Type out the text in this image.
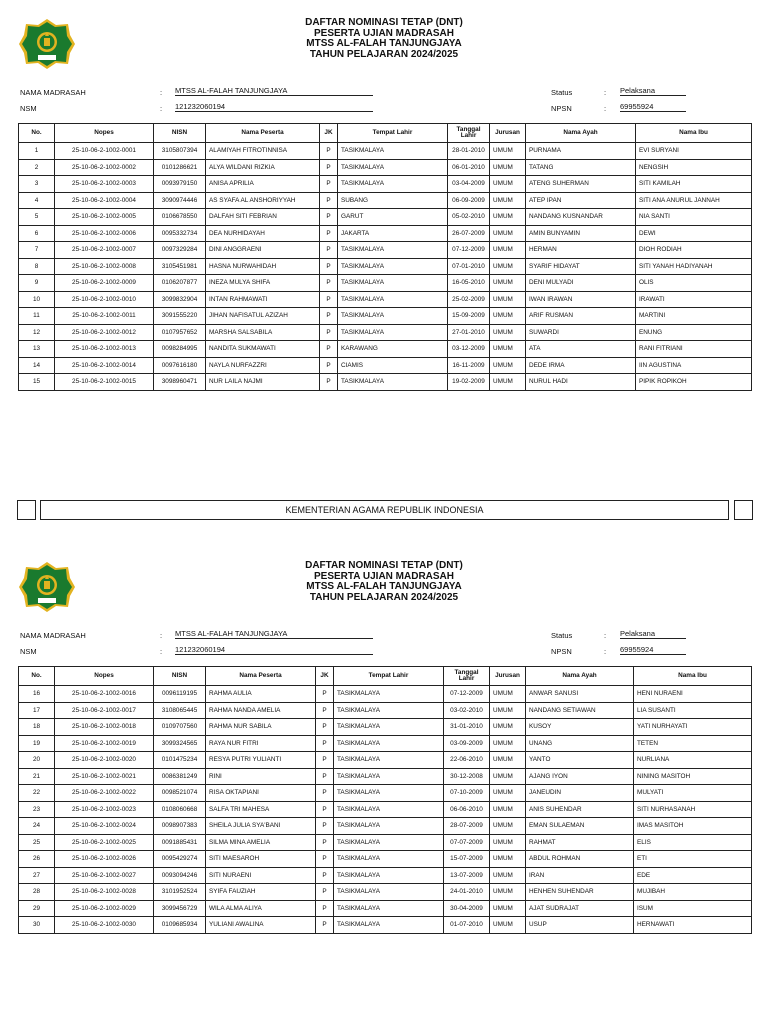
DAFTAR NOMINASI TETAP (DNT)
PESERTA UJIAN MADRASAH
MTSS AL-FALAH TANJUNGJAYA
TAHUN PELAJARAN 2024/2025
NAMA MADRASAH	: MTSS AL-FALAH TANJUNGJAYA
NSM	: 121232060194
Status	: Pelaksana
NPSN	: 69955924
No.	Nopes	NISN	Nama Peserta	JK	Tempat Lahir	Tanggal Lahir	Jurusan	Nama Ayah	Nama Ibu
1	25-10-06-2-1002-0001	3105807394	ALAMIYAH FITROTINNISA	P	TASIKMALAYA	28-01-2010	UMUM	PURNAMA	EVI SURYANI
2	25-10-06-2-1002-0002	0101286621	ALYA WILDANI RIZKIA	P	TASIKMALAYA	06-01-2010	UMUM	TATANG	NENGSIH
3	25-10-06-2-1002-0003	0093979150	ANISA APRILIA	P	TASIKMALAYA	03-04-2009	UMUM	ATENG SUHERMAN	SITI KAMILAH
4	25-10-06-2-1002-0004	3090974446	AS SYAFA AL ANSHORIYYAH	P	SUBANG	06-09-2009	UMUM	ATEP IPAN	SITI ANA ANURUL JANNAH
5	25-10-06-2-1002-0005	0106678550	DALFAH SITI FEBRIAN	P	GARUT	05-02-2010	UMUM	NANDANG KUSNANDAR	NIA SANTI
6	25-10-06-2-1002-0006	0095332734	DEA NURHIDAYAH	P	JAKARTA	26-07-2009	UMUM	AMIN BUNYAMIN	DEWI
7	25-10-06-2-1002-0007	0097329284	DINI ANGGRAENI	P	TASIKMALAYA	07-12-2009	UMUM	HERMAN	DIOH RODIAH
8	25-10-06-2-1002-0008	3105451981	HASNA NURWAHIDAH	P	TASIKMALAYA	07-01-2010	UMUM	SYARIF HIDAYAT	SITI YANAH HADIYANAH
9	25-10-06-2-1002-0009	0106207877	INEZA MULYA SHIFA	P	TASIKMALAYA	16-05-2010	UMUM	DENI MULYADI	OLIS
10	25-10-06-2-1002-0010	3099832904	INTAN RAHMAWATI	P	TASIKMALAYA	25-02-2009	UMUM	IWAN IRAWAN	IRAWATI
11	25-10-06-2-1002-0011	3091555220	JIHAN NAFISATUL AZIZAH	P	TASIKMALAYA	15-09-2009	UMUM	ARIF RUSMAN	MARTINI
12	25-10-06-2-1002-0012	0107957652	MARSHA SALSABILA	P	TASIKMALAYA	27-01-2010	UMUM	SUWARDI	ENUNG
13	25-10-06-2-1002-0013	0098284995	NANDITA SUKMAWATI	P	KARAWANG	03-12-2009	UMUM	ATA	RANI FITRIANI
14	25-10-06-2-1002-0014	0097616180	NAYLA NURFAZZRI	P	CIAMIS	16-11-2009	UMUM	DEDE IRMA	IIN AGUSTINA
15	25-10-06-2-1002-0015	3098960471	NUR LAILA NAJMI	P	TASIKMALAYA	19-02-2009	UMUM	NURUL HADI	PIPIK ROPIKOH
KEMENTERIAN AGAMA REPUBLIK INDONESIA
DAFTAR NOMINASI TETAP (DNT)
PESERTA UJIAN MADRASAH
MTSS AL-FALAH TANJUNGJAYA
TAHUN PELAJARAN 2024/2025
NAMA MADRASAH	: MTSS AL-FALAH TANJUNGJAYA
NSM	: 121232060194
Status	: Pelaksana
NPSN	: 69955924
No.	Nopes	NISN	Nama Peserta	JK	Tempat Lahir	Tanggal Lahir	Jurusan	Nama Ayah	Nama Ibu
16	25-10-06-2-1002-0016	0096119195	RAHMA AULIA	P	TASIKMALAYA	07-12-2009	UMUM	ANWAR SANUSI	HENI NURAENI
17	25-10-06-2-1002-0017	3108065445	RAHMA NANDA AMELIA	P	TASIKMALAYA	03-02-2010	UMUM	NANDANG SETIAWAN	LIA SUSANTI
18	25-10-06-2-1002-0018	0109707560	RAHMA NUR SABILA	P	TASIKMALAYA	31-01-2010	UMUM	KUSOY	YATI NURHAYATI
19	25-10-06-2-1002-0019	3099324565	RAYA NUR FITRI	P	TASIKMALAYA	03-09-2009	UMUM	UNANG	TETEN
20	25-10-06-2-1002-0020	0101475234	RESYA PUTRI YULIANTI	P	TASIKMALAYA	22-06-2010	UMUM	YANTO	NURLIANA
21	25-10-06-2-1002-0021	0086381249	RINI	P	TASIKMALAYA	30-12-2008	UMUM	AJANG IYON	NINING MASITOH
22	25-10-06-2-1002-0022	0098521074	RISA OKTAPIANI	P	TASIKMALAYA	07-10-2009	UMUM	JANEUDIN	MULYATI
23	25-10-06-2-1002-0023	0108060668	SALFA TRI MAHESA	P	TASIKMALAYA	06-06-2010	UMUM	ANIS SUHENDAR	SITI NURHASANAH
24	25-10-06-2-1002-0024	0098907383	SHEILA JULIA SYA'BANI	P	TASIKMALAYA	28-07-2009	UMUM	EMAN SULAEMAN	IMAS MASITOH
25	25-10-06-2-1002-0025	0091885431	SILMA MINA AMELIA	P	TASIKMALAYA	07-07-2009	UMUM	RAHMAT	ELIS
26	25-10-06-2-1002-0026	0095429274	SITI MAESAROH	P	TASIKMALAYA	15-07-2009	UMUM	ABDUL ROHMAN	ETI
27	25-10-06-2-1002-0027	0093094246	SITI NURAENI	P	TASIKMALAYA	13-07-2009	UMUM	IRAN	EDE
28	25-10-06-2-1002-0028	3101952524	SYIFA FAUZIAH	P	TASIKMALAYA	24-01-2010	UMUM	HENHEN SUHENDAR	MUJIBAH
29	25-10-06-2-1002-0029	3099456729	WILA ALMA ALIYA	P	TASIKMALAYA	30-04-2009	UMUM	AJAT SUDRAJAT	ISUM
30	25-10-06-2-1002-0030	0109685934	YULIANI AWALINA	P	TASIKMALAYA	01-07-2010	UMUM	USUP	HERNAWATI
